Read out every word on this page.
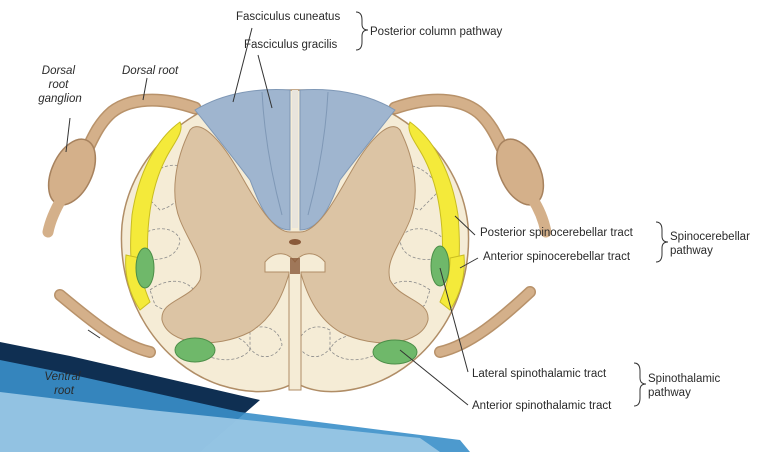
Fasciculus cuneatus
Fasciculus gracilis
Posterior column pathway
Dorsal root ganglion
Dorsal root
Ventral root
Posterior spinocerebellar tract
Anterior spinocerebellar tract
Spinocerebellar pathway
Lateral spinothalamic tract
Anterior spinothalamic tract
Spinothalamic pathway
